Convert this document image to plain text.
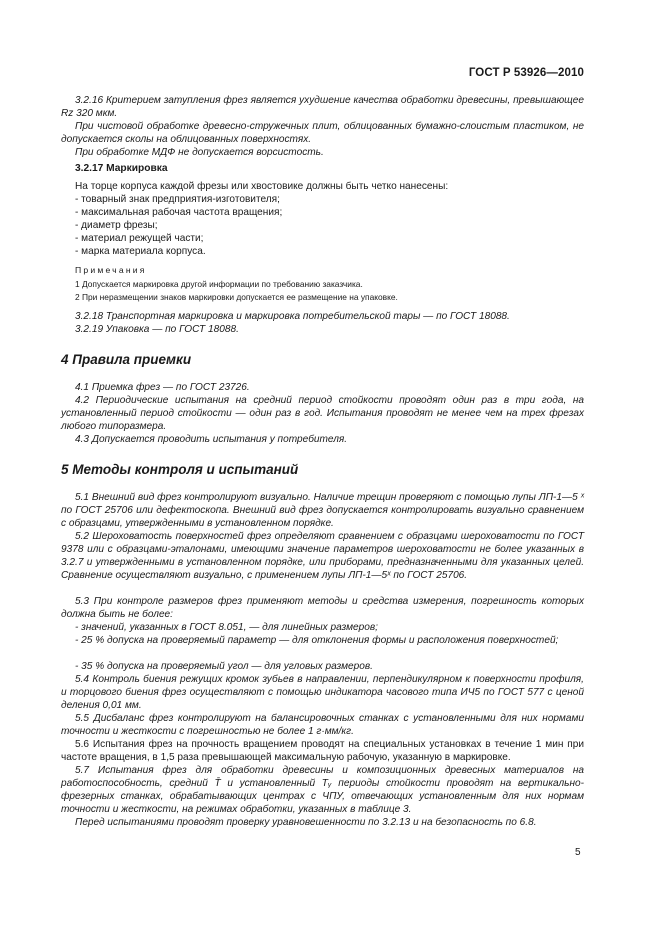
ГОСТ Р 53926—2010

3.2.16 Критерием затупления фрез является ухудшение качества обработки древесины, превышающее Rz 320 мкм.

При чистовой обработке древесно-стружечных плит, облицованных бумажно-слоистым пластиком, не допускается сколы на облицованных поверхностях.

При обработке МДФ не допускается ворсистость.

3.2.17 Маркировка

На торце корпуса каждой фрезы или хвостовике должны быть четко нанесены:

- товарный знак предприятия-изготовителя;
- максимальная рабочая частота вращения;
- диаметр фрезы;
- материал режущей части;
- марка материала корпуса.
Примечания
1 Допускается маркировка другой информации по требованию заказчика.
2 При неразмещении знаков маркировки допускается ее размещение на упаковке.

3.2.18 Транспортная маркировка и маркировка потребительской тары — по ГОСТ 18088.

3.2.19 Упаковка — по ГОСТ 18088.

4 Правила приемки

4.1 Приемка фрез — по ГОСТ 23726.

4.2 Периодические испытания на средний период стойкости проводят один раз в три года, на установленный период стойкости — один раз в год. Испытания проводят не менее чем на трех фрезах любого типоразмера.

4.3 Допускается проводить испытания у потребителя.

5 Методы контроля и испытаний

5.1 Внешний вид фрез контролируют визуально. Наличие трещин проверяют с помощью лупы ЛП-1—5 ˣ по ГОСТ 25706 или дефектоскопа. Внешний вид фрез допускается контролировать визуально сравнением с образцами, утвержденными в установленном порядке.

5.2 Шероховатость поверхностей фрез определяют сравнением с образцами шероховатости по ГОСТ 9378 или с образцами-эталонами, имеющими значение параметров шероховатости не более указанных в 3.2.7 и утвержденными в установленном порядке, или приборами, предназначенными для указанных целей. Сравнение осуществляют визуально, с применением лупы ЛП-1—5ˣ по ГОСТ 25706.

5.3 При контроле размеров фрез применяют методы и средства измерения, погрешность которых должна быть не более:

- значений, указанных в ГОСТ 8.051, — для линейных размеров;

- 25 % допуска на проверяемый параметр — для отклонения формы и расположения поверхностей;

- 35 % допуска на проверяемый угол — для угловых размеров.

5.4 Контроль биения режущих кромок зубьев в направлении, перпендикулярном к поверхности профиля, и торцового биения фрез осуществляют с помощью индикатора часового типа ИЧ5 по ГОСТ 577 с ценой деления 0,01 мм.

5.5 Дисбаланс фрез контролируют на балансировочных станках с установленными для них нормами точности и жесткости с погрешностью не более 1 г·мм/кг.

5.6 Испытания фрез на прочность вращением проводят на специальных установках в течение 1 мин при частоте вращения, в 1,5 раза превышающей максимальную рабочую, указанную в маркировке.

5.7 Испытания фрез для обработки древесины и композиционных древесных материалов на работоспособность, средний T̄ и установленный Tᵧ периоды стойкости проводят на вертикально-фрезерных станках, обрабатывающих центрах с ЧПУ, отвечающих установленным для них нормам точности и жесткости, на режимах обработки, указанных в таблице 3.

Перед испытаниями проводят проверку уравновешенности по 3.2.13 и на безопасность по 6.8.

5
